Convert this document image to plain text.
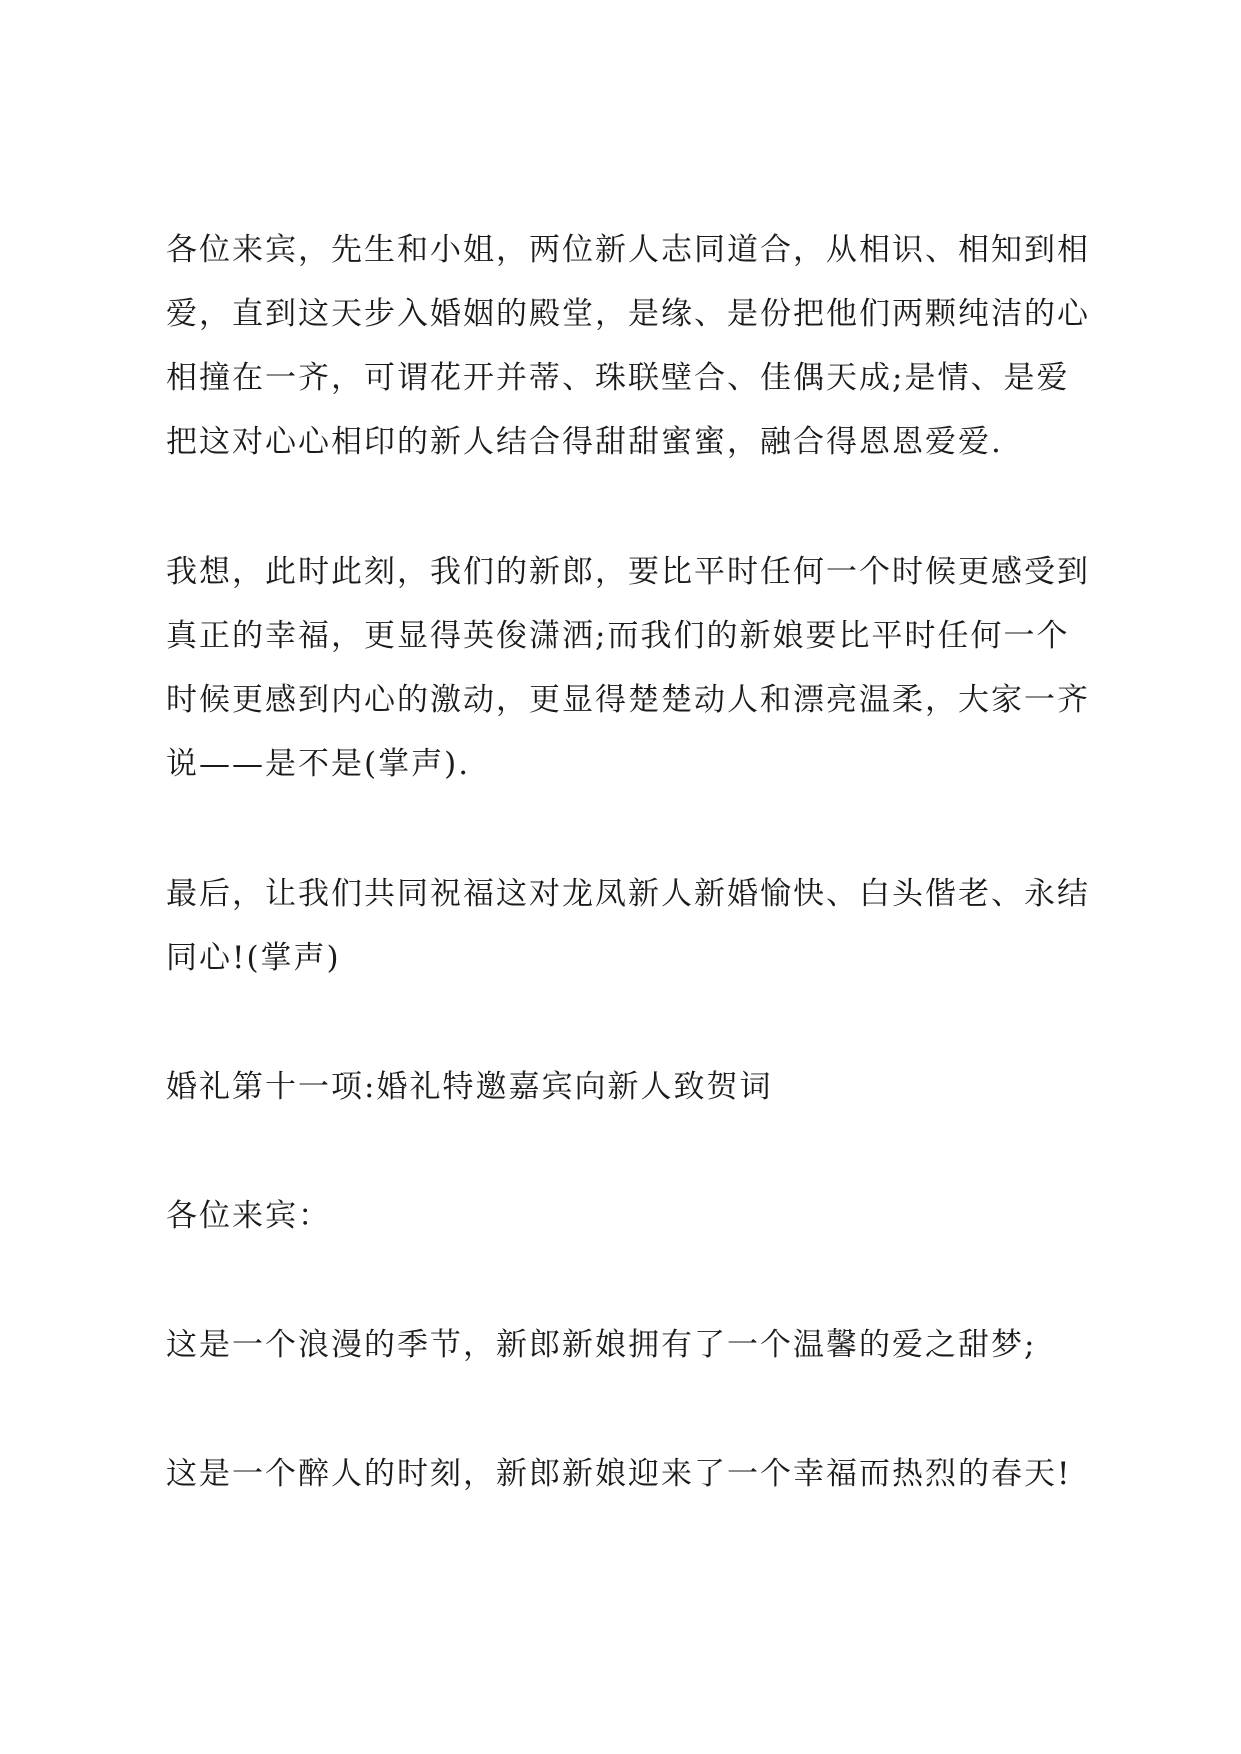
各位来宾，先生和小姐，两位新人志同道合，从相识、相知到相
爱，直到这天步入婚姻的殿堂，是缘、是份把他们两颗纯洁的心
相撞在一齐，可谓花开并蒂、珠联壁合、佳偶天成;是情、是爱
把这对心心相印的新人结合得甜甜蜜蜜，融合得恩恩爱爱.

我想，此时此刻，我们的新郎，要比平时任何一个时候更感受到
真正的幸福，更显得英俊潇洒;而我们的新娘要比平时任何一个
时候更感到内心的激动，更显得楚楚动人和漂亮温柔，大家一齐
说——是不是(掌声).

最后，让我们共同祝福这对龙凤新人新婚愉快、白头偕老、永结
同心!(掌声)

婚礼第十一项:婚礼特邀嘉宾向新人致贺词

各位来宾：

这是一个浪漫的季节，新郎新娘拥有了一个温馨的爱之甜梦;

这是一个醉人的时刻，新郎新娘迎来了一个幸福而热烈的春天!
